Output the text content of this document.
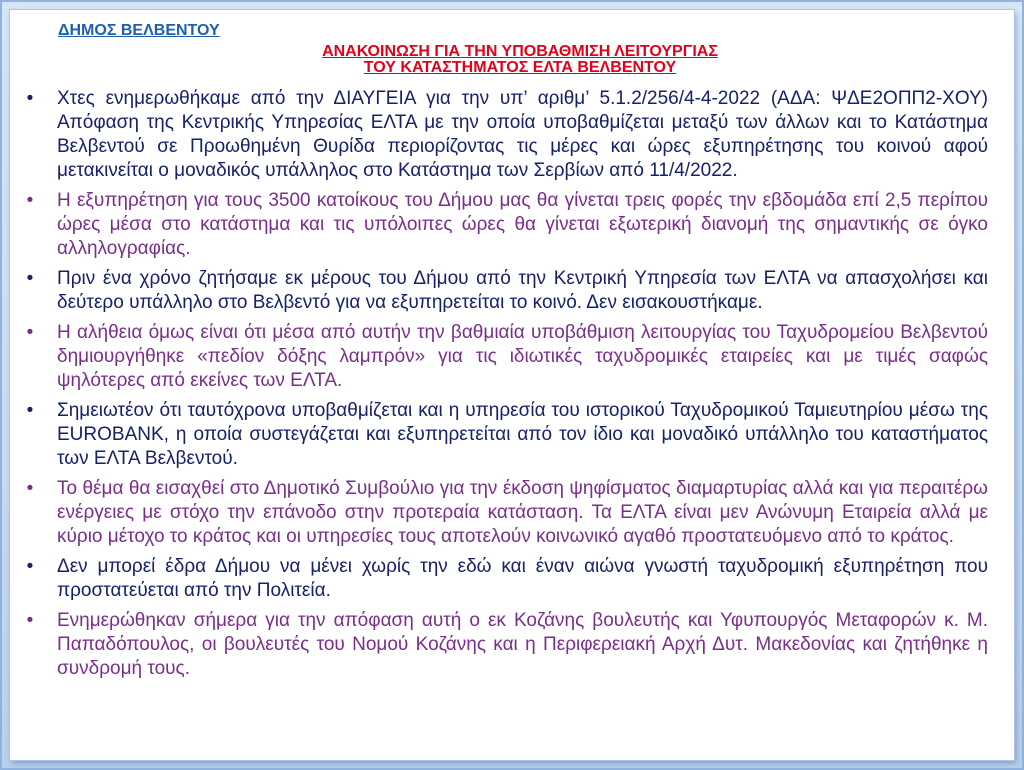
ΔΗΜΟΣ ΒΕΛΒΕΝΤΟΥ
ΑΝΑΚΟΙΝΩΣΗ ΓΙΑ ΤΗΝ ΥΠΟΒΑΘΜΙΣΗ ΛΕΙΤΟΥΡΓΙΑΣ
ΤΟΥ ΚΑΤΑΣΤΗΜΑΤΟΣ ΕΛΤΑ ΒΕΛΒΕΝΤΟΥ
• Χτες ενημερωθήκαμε από την ΔΙΑΥΓΕΙΑ για την υπ’ αριθμ’ 5.1.2/256/4-4-2022 (ΑΔΑ: ΨΔΕ2ΟΠΠ2-ΧΟΥ) Απόφαση της Κεντρικής Υπηρεσίας ΕΛΤΑ με την οποία υποβαθμίζεται μεταξύ των άλλων και το Κατάστημα Βελβεντού σε Προωθημένη Θυρίδα περιορίζοντας τις μέρες και ώρες εξυπηρέτησης του κοινού αφού μετακινείται ο μοναδικός υπάλληλος στο Κατάστημα των Σερβίων από 11/4/2022.
• Η εξυπηρέτηση για τους 3500 κατοίκους του Δήμου μας θα γίνεται τρεις φορές την εβδομάδα επί 2,5 περίπου ώρες μέσα στο κατάστημα και τις υπόλοιπες ώρες θα γίνεται εξωτερική διανομή της σημαντικής σε όγκο αλληλογραφίας.
• Πριν ένα χρόνο ζητήσαμε εκ μέρους του Δήμου από την Κεντρική Υπηρεσία των ΕΛΤΑ να απασχολήσει και δεύτερο υπάλληλο στο Βελβεντό για να εξυπηρετείται το κοινό. Δεν εισακουστήκαμε.
• Η αλήθεια όμως είναι ότι μέσα από αυτήν την βαθμιαία υποβάθμιση λειτουργίας του Ταχυδρομείου Βελβεντού δημιουργήθηκε «πεδίον δόξης λαμπρόν» για τις ιδιωτικές ταχυδρομικές εταιρείες και με τιμές σαφώς ψηλότερες από εκείνες των ΕΛΤΑ.
• Σημειωτέον ότι ταυτόχρονα υποβαθμίζεται και η υπηρεσία του ιστορικού Ταχυδρομικού Ταμιευτηρίου μέσω της EUROBANK, η οποία συστεγάζεται και εξυπηρετείται από τον ίδιο και μοναδικό υπάλληλο του καταστήματος των ΕΛΤΑ Βελβεντού.
• Το θέμα θα εισαχθεί στο Δημοτικό Συμβούλιο για την έκδοση ψηφίσματος διαμαρτυρίας αλλά και για περαιτέρω ενέργειες με στόχο την επάνοδο στην προτεραία κατάσταση. Τα ΕΛΤΑ είναι μεν Ανώνυμη Εταιρεία αλλά με κύριο μέτοχο το κράτος και οι υπηρεσίες τους αποτελούν κοινωνικό αγαθό προστατευόμενο από το κράτος.
• Δεν μπορεί έδρα Δήμου να μένει χωρίς την εδώ και έναν αιώνα γνωστή ταχυδρομική εξυπηρέτηση που προστατεύεται από την Πολιτεία.
• Ενημερώθηκαν σήμερα για την απόφαση αυτή ο εκ Κοζάνης βουλευτής και Υφυπουργός Μεταφορών κ. Μ. Παπαδόπουλος, οι βουλευτές του Νομού Κοζάνης και η Περιφερειακή Αρχή Δυτ. Μακεδονίας και ζητήθηκε η συνδρομή τους.
